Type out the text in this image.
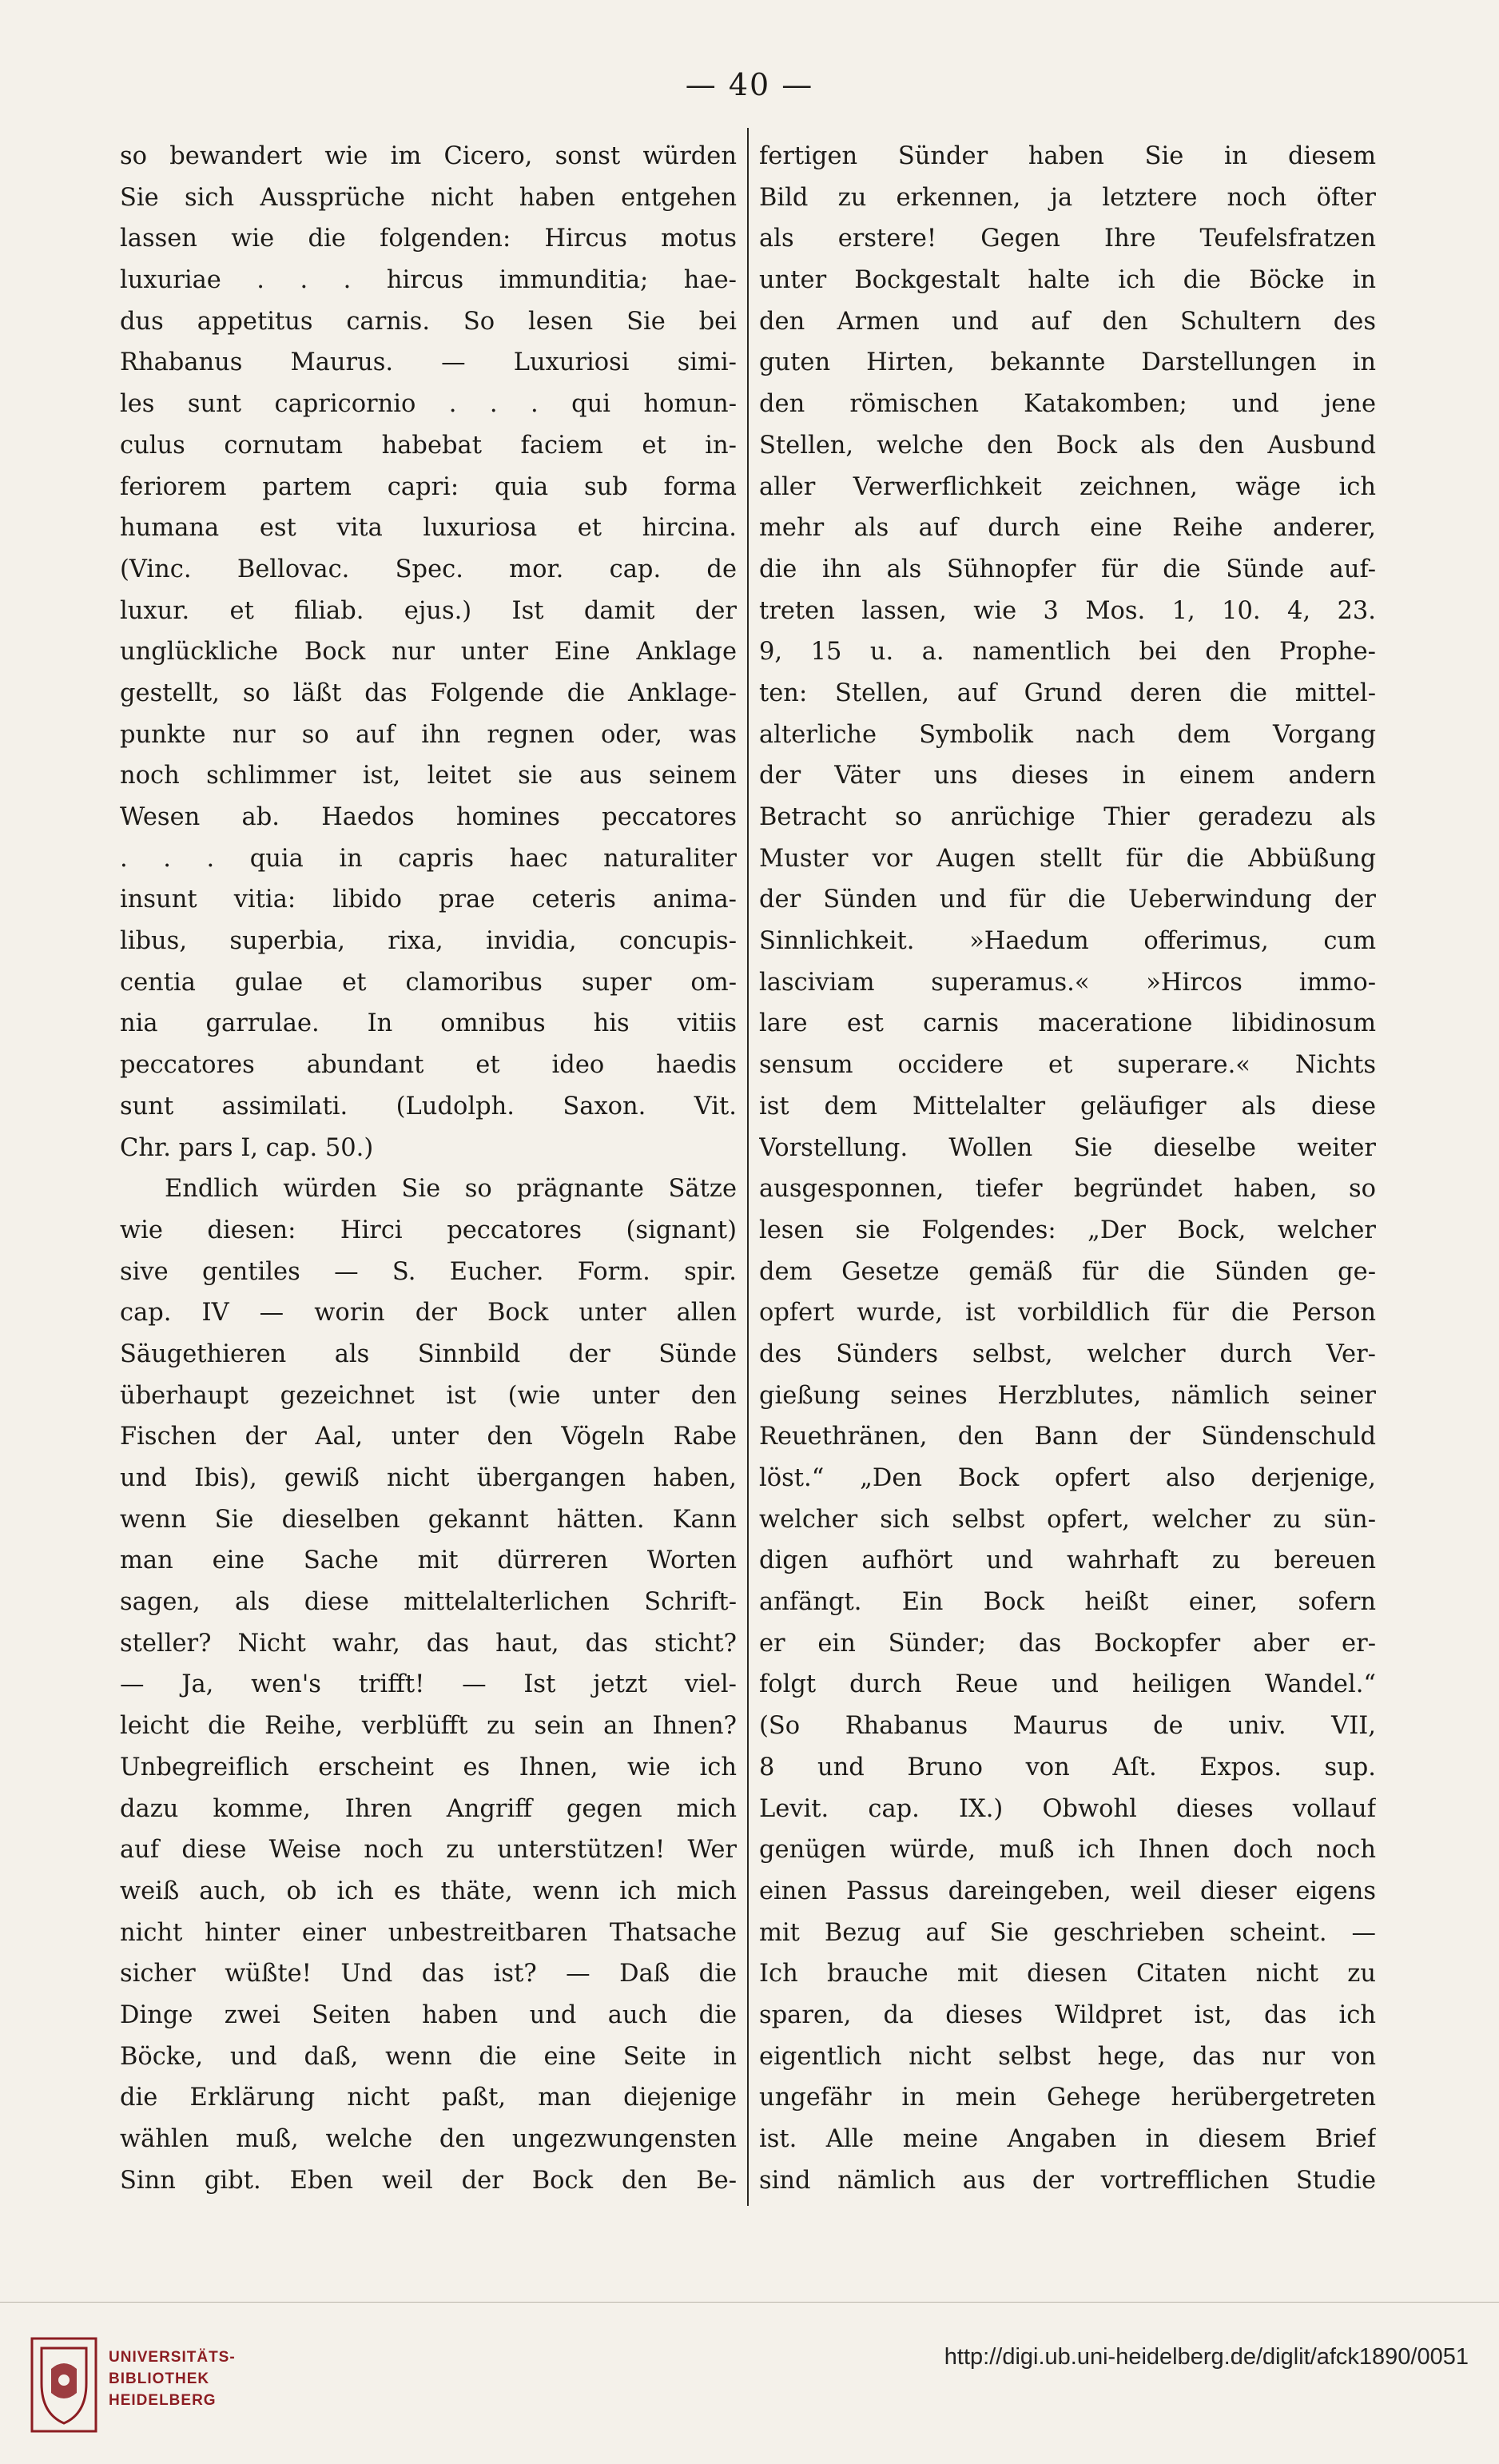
— 40 —
so bewandert wie im Cicero, sonst würden
Sie sich Aussprüche nicht haben entgehen
lassen wie die folgenden: Hircus motus
luxuriae . . . hircus immunditia; hae-
dus appetitus carnis. So lesen Sie bei
Rhabanus Maurus. — Luxuriosi simi-
les sunt capricornio . . . qui homun-
culus cornutam habebat faciem et in-
feriorem partem capri: quia sub forma
humana est vita luxuriosa et hircina.
(Vinc. Bellovac. Spec. mor. cap. de
luxur. et filiab. ejus.) Ist damit der
unglückliche Bock nur unter Eine Anklage
gestellt, so läßt das Folgende die Anklage-
punkte nur so auf ihn regnen oder, was
noch schlimmer ist, leitet sie aus seinem
Wesen ab. Haedos homines peccatores
. . . quia in capris haec naturaliter
insunt vitia: libido prae ceteris anima-
libus, superbia, rixa, invidia, concupis-
centia gulae et clamoribus super om-
nia garrulae. In omnibus his vitiis
peccatores abundant et ideo haedis
sunt assimilati. (Ludolph. Saxon. Vit.
Chr. pars I, cap. 50.)
Endlich würden Sie so prägnante Sätze
wie diesen: Hirci peccatores (signant)
sive gentiles — S. Eucher. Form. spir.
cap. IV — worin der Bock unter allen
Säugethieren als Sinnbild der Sünde
überhaupt gezeichnet ist (wie unter den
Fischen der Aal, unter den Vögeln Rabe
und Ibis), gewiß nicht übergangen haben,
wenn Sie dieselben gekannt hätten. Kann
man eine Sache mit dürreren Worten
sagen, als diese mittelalterlichen Schrift-
steller? Nicht wahr, das haut, das sticht?
— Ja, wen's trifft! — Ist jetzt viel-
leicht die Reihe, verblüfft zu sein an Ihnen?
Unbegreiflich erscheint es Ihnen, wie ich
dazu komme, Ihren Angriff gegen mich
auf diese Weise noch zu unterstützen! Wer
weiß auch, ob ich es thäte, wenn ich mich
nicht hinter einer unbestreitbaren Thatsache
sicher wüßte! Und das ist? — Daß die
Dinge zwei Seiten haben und auch die
Böcke, und daß, wenn die eine Seite in
die Erklärung nicht paßt, man diejenige
wählen muß, welche den ungezwungensten
Sinn gibt. Eben weil der Bock den Be-
fertigen Sünder haben Sie in diesem
Bild zu erkennen, ja letztere noch öfter
als erstere! Gegen Ihre Teufelsfratzen
unter Bockgestalt halte ich die Böcke in
den Armen und auf den Schultern des
guten Hirten, bekannte Darstellungen in
den römischen Katakomben; und jene
Stellen, welche den Bock als den Ausbund
aller Verwerflichkeit zeichnen, wäge ich
mehr als auf durch eine Reihe anderer,
die ihn als Sühnopfer für die Sünde auf-
treten lassen, wie 3 Mos. 1, 10. 4, 23.
9, 15 u. a. namentlich bei den Prophe-
ten: Stellen, auf Grund deren die mittel-
alterliche Symbolik nach dem Vorgang
der Väter uns dieses in einem andern
Betracht so anrüchige Thier geradezu als
Muster vor Augen stellt für die Abbüßung
der Sünden und für die Ueberwindung der
Sinnlichkeit. »Haedum offerimus, cum
lasciviam superamus.« »Hircos immo-
lare est carnis maceratione libidinosum
sensum occidere et superare.« Nichts
ist dem Mittelalter geläufiger als diese
Vorstellung. Wollen Sie dieselbe weiter
ausgesponnen, tiefer begründet haben, so
lesen sie Folgendes: „Der Bock, welcher
dem Gesetze gemäß für die Sünden ge-
opfert wurde, ist vorbildlich für die Person
des Sünders selbst, welcher durch Ver-
gießung seines Herzblutes, nämlich seiner
Reuethränen, den Bann der Sündenschuld
löst.“ „Den Bock opfert also derjenige,
welcher sich selbst opfert, welcher zu sün-
digen aufhört und wahrhaft zu bereuen
anfängt. Ein Bock heißt einer, sofern
er ein Sünder; das Bockopfer aber er-
folgt durch Reue und heiligen Wandel.“
(So Rhabanus Maurus de univ. VII,
8 und Bruno von Aſt. Expos. sup.
Levit. cap. IX.) Obwohl dieses vollauf
genügen würde, muß ich Ihnen doch noch
einen Passus dareingeben, weil dieser eigens
mit Bezug auf Sie geschrieben scheint. —
Ich brauche mit diesen Citaten nicht zu
sparen, da dieses Wildpret ist, das ich
eigentlich nicht selbst hege, das nur von
ungefähr in mein Gehege herübergetreten
ist. Alle meine Angaben in diesem Brief
sind nämlich aus der vortrefflichen Studie
UNIVERSITÄTS-
BIBLIOTHEK
HEIDELBERG
http://digi.ub.uni-heidelberg.de/diglit/afck1890/0051
